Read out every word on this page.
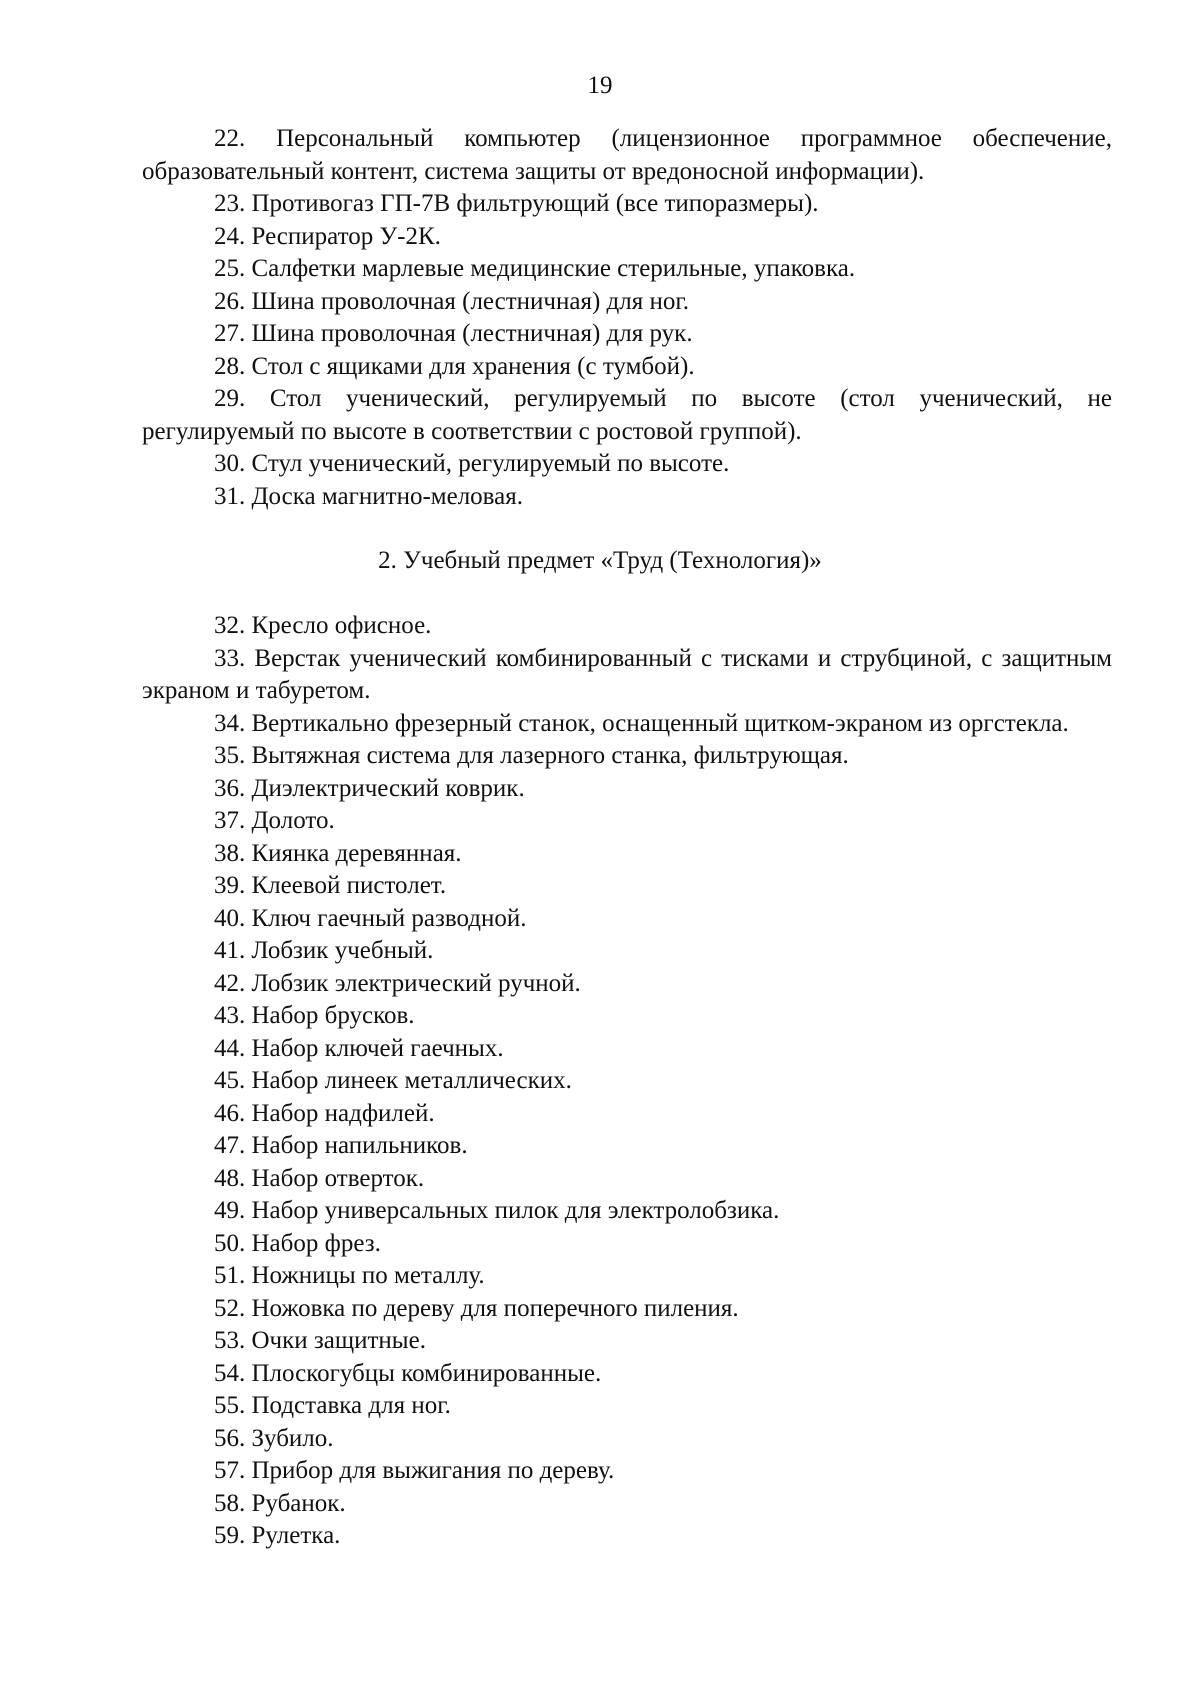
19

22. Персональный компьютер (лицензионное программное обеспечение, образовательный контент, система защиты от вредоносной информации).

23. Противогаз ГП-7В фильтрующий (все типоразмеры).

24. Респиратор У-2К.

25. Салфетки марлевые медицинские стерильные, упаковка.

26. Шина проволочная (лестничная) для ног.

27. Шина проволочная (лестничная) для рук.

28. Стол с ящиками для хранения (с тумбой).

29. Стол ученический, регулируемый по высоте (стол ученический, не регулируемый по высоте в соответствии с ростовой группой).

30. Стул ученический, регулируемый по высоте.

31. Доска магнитно-меловая.

2. Учебный предмет «Труд (Технология)»

32. Кресло офисное.

33. Верстак ученический комбинированный с тисками и струбциной, с защитным экраном и табуретом.

34. Вертикально фрезерный станок, оснащенный щитком-экраном из оргстекла.

35. Вытяжная система для лазерного станка, фильтрующая.

36. Диэлектрический коврик.

37. Долото.

38. Киянка деревянная.

39. Клеевой пистолет.

40. Ключ гаечный разводной.

41. Лобзик учебный.

42. Лобзик электрический ручной.

43. Набор брусков.

44. Набор ключей гаечных.

45. Набор линеек металлических.

46. Набор надфилей.

47. Набор напильников.

48. Набор отверток.

49. Набор универсальных пилок для электролобзика.

50. Набор фрез.

51. Ножницы по металлу.

52. Ножовка по дереву для поперечного пиления.

53. Очки защитные.

54. Плоскогубцы комбинированные.

55. Подставка для ног.

56. Зубило.

57. Прибор для выжигания по дереву.

58. Рубанок.

59. Рулетка.
